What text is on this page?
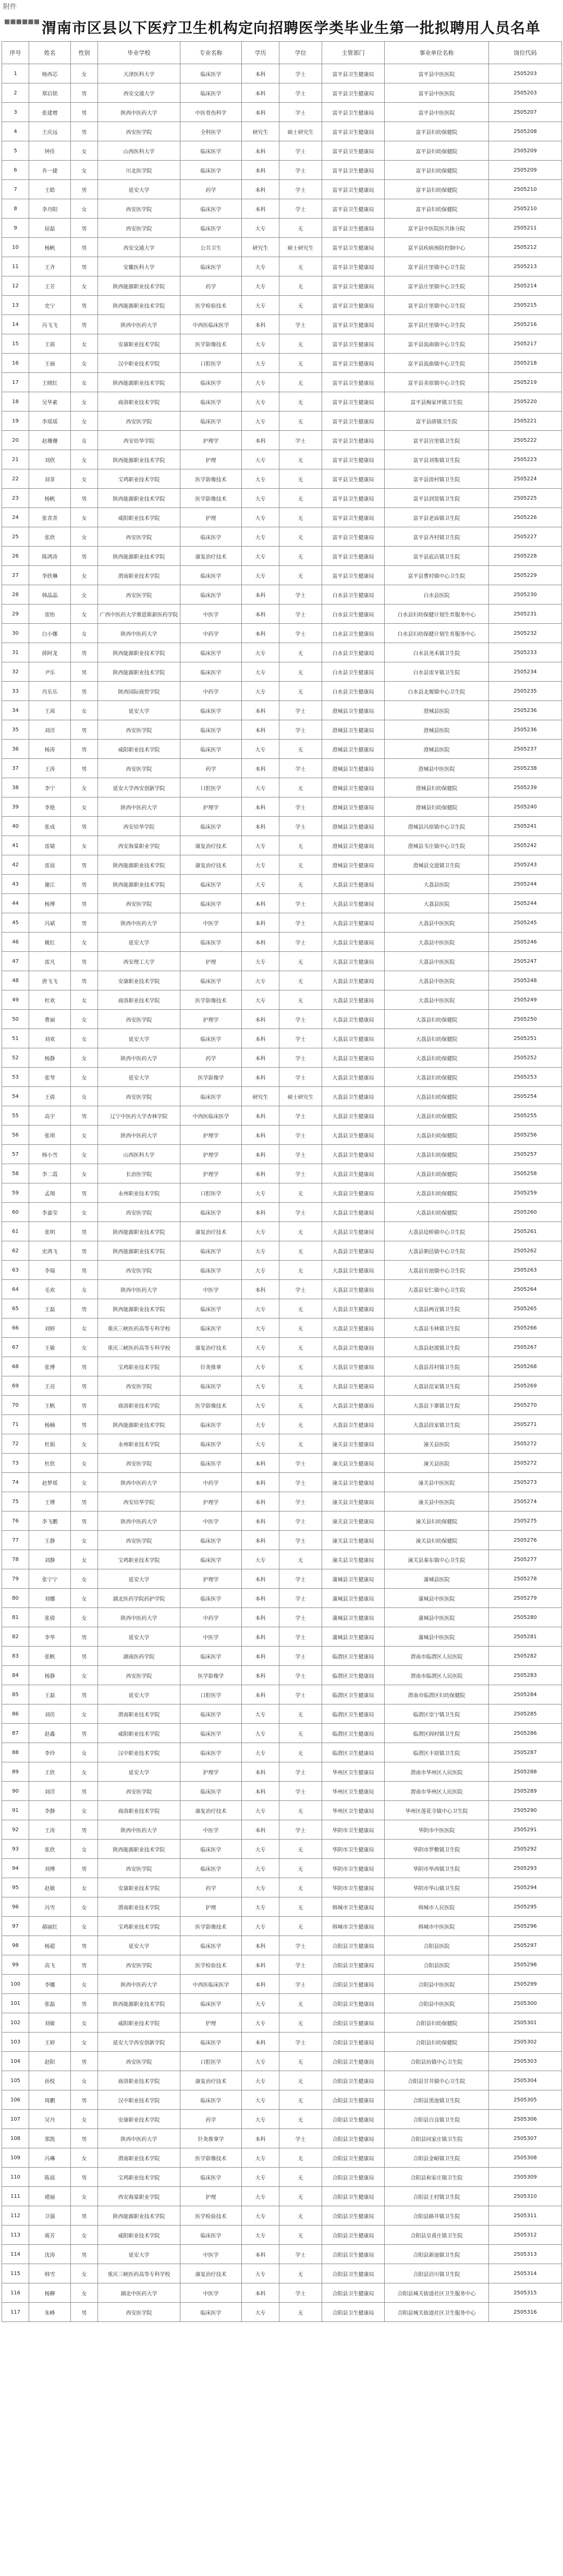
附件
■■■■■■ 渭南市区县以下医疗卫生机构定向招聘医学类毕业生第一批拟聘用人员名单
序号	姓名	性别	毕业学校	专业名称	学历	学位	主管部门	事业单位名称	岗位代码
1	杨西芯	女	天津医科大学	临床医学	本科	学士	富平县卫生健康局	富平县中医医院	2505203
2	郑启铭	男	西安交通大学	临床医学	本科	学士	富平县卫生健康局	富平县中医医院	2505203
3	张建增	男	陕西中医药大学	中医骨伤科学	本科	学士	富平县卫生健康局	富平县中医医院	2505207
4	王庆远	男	西安医学院	全科医学	研究生	硕士研究生	富平县卫生健康局	富平县妇幼保健院	2505208
5	钟佳	女	山西医科大学	临床医学	本科	学士	富平县卫生健康局	富平县妇幼保健院	2505209
6	乔一捷	女	川北医学院	临床医学	本科	学士	富平县卫生健康局	富平县妇幼保健院	2505209
7	王皓	男	延安大学	药学	本科	学士	富平县卫生健康局	富平县妇幼保健院	2505210
8	李丹阳	女	西安医学院	临床医学	本科	学士	富平县卫生健康局	富平县妇幼保健院	2505210
9	屈磊	男	西安医学院	临床医学	大专	无	富平县卫生健康局	富平县中医院医共体分院	2505211
10	杨帆	男	西安交通大学	公共卫生	研究生	硕士研究生	富平县卫生健康局	富平县疾病预防控制中心	2505212
11	王齐	男	安徽医科大学	临床医学	大专	无	富平县卫生健康局	富平县庄里镇中心卫生院	2505213
12	王芳	女	陕西能源职业技术学院	药学	大专	无	富平县卫生健康局	富平县庄里镇中心卫生院	2505214
13	史宁	男	陕西能源职业技术学院	医学检验技术	大专	无	富平县卫生健康局	富平县庄里镇中心卫生院	2505215
14	冯飞飞	男	陕西中医药大学	中西医临床医学	本科	学士	富平县卫生健康局	富平县庄里镇中心卫生院	2505216
15	王倩	女	安康职业技术学院	医学影像技术	大专	无	富平县卫生健康局	富平县流曲镇中心卫生院	2505217
16	王丽	女	汉中职业技术学院	口腔医学	大专	无	富平县卫生健康局	富平县流曲镇中心卫生院	2505218
17	王晓红	女	陕西能源职业技术学院	临床医学	大专	无	富平县卫生健康局	富平县美原镇中心卫生院	2505219
18	吴华素	女	商洛职业技术学院	临床医学	大专	无	富平县卫生健康局	富平县梅家坪镇卫生院	2505220
19	李瑶瑶	女	西安医学院	临床医学	大专	无	富平县卫生健康局	富平县薛镇卫生院	2505221
20	赵珊珊	女	西安培华学院	护理学	本科	学士	富平县卫生健康局	富平县宫里镇卫生院	2505222
21	刘欣	女	陕西能源职业技术学院	护理	大专	无	富平县卫生健康局	富平县刘集镇卫生院	2505223
22	刘菲	女	宝鸡职业技术学院	医学影像技术	大专	无	富平县卫生健康局	富平县淡村镇卫生院	2505224
23	杨帆	男	陕西能源职业技术学院	医学影像技术	大专	无	富平县卫生健康局	富平县到贤镇卫生院	2505225
24	张青青	女	咸阳职业技术学院	护理	大专	无	富平县卫生健康局	富平县老庙镇卫生院	2505226
25	张欣	女	西安医学院	临床医学	大专	无	富平县卫生健康局	富平县齐村镇卫生院	2505227
26	陈鸿涛	男	陕西能源职业技术学院	康复治疗技术	大专	无	富平县卫生健康局	富平县底店镇卫生院	2505228
27	李欣琳	女	渭南职业技术学院	临床医学	大专	无	富平县卫生健康局	富平县曹村镇中心卫生院	2505229
28	韩晶晶	女	西安医学院	临床医学	本科	学士	白水县卫生健康局	白水县医院	2505230
29	雷怡	女	广西中医药大学赛恩斯新医药学院	中医学	本科	学士	白水县卫生健康局	白水县妇幼保健计划生育服务中心	2505231
30	白小娜	女	陕西中医药大学	中药学	本科	学士	白水县卫生健康局	白水县妇幼保健计划生育服务中心	2505232
31	薛阿龙	男	陕西能源职业技术学院	临床医学	大专	无	白水县卫生健康局	白水县尧禾镇卫生院	2505233
32	尹乐	男	陕西能源职业技术学院	临床医学	大专	无	白水县卫生健康局	白水县雷牙镇卫生院	2505234
33	肖乐乐	男	陕西国际商贸学院	中药学	大专	无	白水县卫生健康局	白水县北塬镇中心卫生院	2505235
34	王茜	女	延安大学	临床医学	本科	学士	澄城县卫生健康局	澄城县医院	2505236
35	刘洋	男	西安医学院	临床医学	本科	学士	澄城县卫生健康局	澄城县医院	2505236
36	杨涛	男	咸阳职业技术学院	临床医学	大专	无	澄城县卫生健康局	澄城县医院	2505237
37	王涛	男	西安医学院	药学	本科	学士	澄城县卫生健康局	澄城县中医医院	2505238
38	李宁	女	延安大学西安创新学院	口腔医学	大专	无	澄城县卫生健康局	澄城县妇幼保健院	2505239
39	李艳	女	陕西中医药大学	护理学	本科	学士	澄城县卫生健康局	澄城县妇幼保健院	2505240
40	张成	男	西安培华学院	临床医学	本科	学士	澄城县卫生健康局	澄城县冯原镇中心卫生院	2505241
41	雷婧	女	西安海棠职业学院	康复治疗技术	大专	无	澄城县卫生健康局	澄城县韦庄镇中心卫生院	2505242
42	雷晨	男	陕西能源职业技术学院	康复治疗技术	大专	无	澄城县卫生健康局	澄城县交道镇卫生院	2505243
43	谢江	男	陕西能源职业技术学院	临床医学	大专	无	大荔县卫生健康局	大荔县医院	2505244
44	杨博	男	西安医学院	临床医学	本科	学士	大荔县卫生健康局	大荔县医院	2505244
45	冯斌	男	陕西中医药大学	中医学	本科	学士	大荔县卫生健康局	大荔县中医医院	2505245
46	姚红	女	延安大学	临床医学	本科	学士	大荔县卫生健康局	大荔县中医医院	2505246
47	雷凡	男	西安理工大学	护理	大专	无	大荔县卫生健康局	大荔县中医医院	2505247
48	唐飞飞	男	安康职业技术学院	临床医学	大专	无	大荔县卫生健康局	大荔县中医医院	2505248
49	杜欢	女	商洛职业技术学院	医学影像技术	大专	无	大荔县卫生健康局	大荔县中医医院	2505249
50	曹丽	女	西安医学院	护理学	本科	学士	大荔县卫生健康局	大荔县妇幼保健院	2505250
51	刘欢	女	延安大学	临床医学	本科	学士	大荔县卫生健康局	大荔县妇幼保健院	2505251
52	杨静	女	陕西中医药大学	药学	本科	学士	大荔县卫生健康局	大荔县妇幼保健院	2505252
53	张琴	女	延安大学	医学影像学	本科	学士	大荔县卫生健康局	大荔县妇幼保健院	2505253
54	王倩	女	西安医学院	临床医学	研究生	硕士研究生	大荔县卫生健康局	大荔县妇幼保健院	2505254
55	高宇	男	辽宁中医药大学杏林学院	中西医临床医学	本科	学士	大荔县卫生健康局	大荔县妇幼保健院	2505255
56	张琪	女	陕西中医药大学	护理学	本科	学士	大荔县卫生健康局	大荔县妇幼保健院	2505256
57	杨小雪	女	山西医科大学	护理学	本科	学士	大荔县卫生健康局	大荔县妇幼保健院	2505257
58	李二霞	女	长治医学院	护理学	本科	学士	大荔县卫生健康局	大荔县妇幼保健院	2505258
59	孟翔	男	永州职业技术学院	口腔医学	大专	无	大荔县卫生健康局	大荔县妇幼保健院	2505259
60	李嘉莹	女	西安医学院	临床医学	本科	学士	大荔县卫生健康局	大荔县妇幼保健院	2505260
61	张明	男	陕西能源职业技术学院	康复治疗技术	大专	无	大荔县卫生健康局	大荔县埝桥镇中心卫生院	2505261
62	史鸿飞	男	陕西能源职业技术学院	临床医学	大专	无	大荔县卫生健康局	大荔县朝邑镇中心卫生院	2505262
63	李瑞	男	西安医学院	临床医学	大专	无	大荔县卫生健康局	大荔县官池镇中心卫生院	2505263
64	毛欢	女	陕西中医药大学	中医学	本科	学士	大荔县卫生健康局	大荔县安仁镇中心卫生院	2505264
65	王磊	男	陕西能源职业技术学院	临床医学	大专	无	大荔县卫生健康局	大荔县两宜镇卫生院	2505265
66	刘婷	女	重庆三峡医药高等专科学校	临床医学	大专	无	大荔县卫生健康局	大荔县韦林镇卫生院	2505266
67	王敏	女	重庆三峡医药高等专科学校	康复治疗技术	大专	无	大荔县卫生健康局	大荔县赵渡镇卫生院	2505267
68	张博	男	宝鸡职业技术学院	针灸推拿	大专	无	大荔县卫生健康局	大荔县苏村镇卫生院	2505268
69	王亮	男	西安医学院	临床医学	大专	无	大荔县卫生健康局	大荔县范家镇卫生院	2505269
70	王帆	男	商洛职业技术学院	医学影像技术	大专	无	大荔县卫生健康局	大荔县下寨镇卫生院	2505270
71	杨楠	男	陕西能源职业技术学院	临床医学	大专	无	大荔县卫生健康局	大荔县段家镇卫生院	2505271
72	杜娟	女	永州职业技术学院	临床医学	大专	无	潼关县卫生健康局	潼关县医院	2505272
73	杜欣	女	西安医学院	临床医学	本科	学士	潼关县卫生健康局	潼关县医院	2505272
74	赵梦瑶	女	陕西中医药大学	中药学	本科	学士	潼关县卫生健康局	潼关县中医医院	2505273
75	王博	男	西安培华学院	护理学	本科	学士	潼关县卫生健康局	潼关县中医医院	2505274
76	李飞鹏	男	陕西中医药大学	中医学	本科	学士	潼关县卫生健康局	潼关县妇幼保健院	2505275
77	王静	女	西安医学院	临床医学	本科	学士	潼关县卫生健康局	潼关县妇幼保健院	2505276
78	刘静	女	宝鸡职业技术学院	临床医学	大专	无	潼关县卫生健康局	潼关县秦东镇中心卫生院	2505277
79	张宁宁	女	延安大学	护理学	本科	学士	蒲城县卫生健康局	蒲城县医院	2505278
80	刘娜	女	湖北医药学院药护学院	临床医学	本科	学士	蒲城县卫生健康局	蒲城县中医医院	2505279
81	张倩	女	陕西中医药大学	中药学	本科	学士	蒲城县卫生健康局	蒲城县中医医院	2505280
82	李华	男	延安大学	中医学	本科	学士	蒲城县卫生健康局	蒲城县中医医院	2505281
83	张帆	男	湖南医药学院	临床医学	本科	学士	临渭区卫生健康局	渭南市临渭区人民医院	2505282
84	杨静	女	西安医学院	医学影像学	本科	学士	临渭区卫生健康局	渭南市临渭区人民医院	2505283
85	王磊	男	延安大学	口腔医学	本科	学士	临渭区卫生健康局	渭南市临渭区妇幼保健院	2505284
86	刘佳	女	渭南职业技术学院	临床医学	大专	无	临渭区卫生健康局	临渭区崇宁镇卫生院	2505285
87	赵鑫	男	咸阳职业技术学院	临床医学	大专	无	临渭区卫生健康局	临渭区阎村镇卫生院	2505286
88	李玲	女	汉中职业技术学院	临床医学	大专	无	临渭区卫生健康局	临渭区丰原镇卫生院	2505287
89	王欣	女	延安大学	护理学	本科	学士	华州区卫生健康局	渭南市华州区人民医院	2505288
90	刘洋	男	西安医学院	临床医学	本科	学士	华州区卫生健康局	渭南市华州区人民医院	2505289
91	李静	女	商洛职业技术学院	康复治疗技术	大专	无	华州区卫生健康局	华州区莲花寺镇中心卫生院	2505290
92	王涛	男	陕西中医药大学	中医学	本科	学士	华阴市卫生健康局	华阴市中医医院	2505291
93	张欣	女	陕西能源职业技术学院	临床医学	大专	无	华阴市卫生健康局	华阴市罗敷镇卫生院	2505292
94	刘博	男	西安医学院	临床医学	大专	无	华阴市卫生健康局	华阴市华西镇卫生院	2505293
95	赵敏	女	安康职业技术学院	药学	大专	无	华阴市卫生健康局	华阴市华山镇卫生院	2505294
96	冯雪	女	渭南职业技术学院	护理	大专	无	韩城市卫生健康局	韩城市人民医院	2505295
97	郝丽红	女	宝鸡职业技术学院	医学影像技术	大专	无	韩城市卫生健康局	韩城市中医医院	2505296
98	杨超	男	延安大学	临床医学	本科	学士	合阳县卫生健康局	合阳县医院	2505297
99	高飞	男	西安医学院	医学检验技术	本科	学士	合阳县卫生健康局	合阳县医院	2505298
100	李娜	女	陕西中医药大学	中西医临床医学	本科	学士	合阳县卫生健康局	合阳县中医医院	2505299
101	张磊	男	陕西能源职业技术学院	临床医学	大专	无	合阳县卫生健康局	合阳县中医医院	2505300
102	刘敏	女	咸阳职业技术学院	护理	大专	无	合阳县卫生健康局	合阳县妇幼保健院	2505301
103	王婷	女	延安大学西安创新学院	临床医学	本科	学士	合阳县卫生健康局	合阳县妇幼保健院	2505302
104	赵阳	男	西安医学院	口腔医学	大专	无	合阳县卫生健康局	合阳县坊镇中心卫生院	2505303
105	孙悦	女	商洛职业技术学院	康复治疗技术	大专	无	合阳县卫生健康局	合阳县甘井镇中心卫生院	2505304
106	周鹏	男	汉中职业技术学院	临床医学	大专	无	合阳县卫生健康局	合阳县黑池镇卫生院	2505305
107	吴丹	女	安康职业技术学院	药学	大专	无	合阳县卫生健康局	合阳县百良镇卫生院	2505306
108	郑凯	男	陕西中医药大学	针灸推拿学	本科	学士	合阳县卫生健康局	合阳县同家庄镇卫生院	2505307
109	冯琳	女	渭南职业技术学院	医学影像技术	大专	无	合阳县卫生健康局	合阳县金峪镇卫生院	2505308
110	陈晨	男	宝鸡职业技术学院	临床医学	大专	无	合阳县卫生健康局	合阳县和家庄镇卫生院	2505309
111	褚丽	女	西安海棠职业学院	护理	大专	无	合阳县卫生健康局	合阳县王村镇卫生院	2505310
112	卫强	男	陕西能源职业技术学院	医学检验技术	大专	无	合阳县卫生健康局	合阳县路井镇卫生院	2505311
113	蒋芳	女	咸阳职业技术学院	临床医学	大专	无	合阳县卫生健康局	合阳县皇甫庄镇卫生院	2505312
114	沈涛	男	延安大学	中医学	本科	学士	合阳县卫生健康局	合阳县新池镇卫生院	2505313
115	韩雪	女	重庆三峡医药高等专科学校	康复治疗技术	大专	无	合阳县卫生健康局	合阳县洽川镇卫生院	2505314
116	杨柳	女	湖北中医药大学	中医学	本科	学士	合阳县卫生健康局	合阳县城关街道社区卫生服务中心	2505315
117	朱峰	男	西安医学院	临床医学	大专	无	合阳县卫生健康局	合阳县城关街道社区卫生服务中心	2505316
